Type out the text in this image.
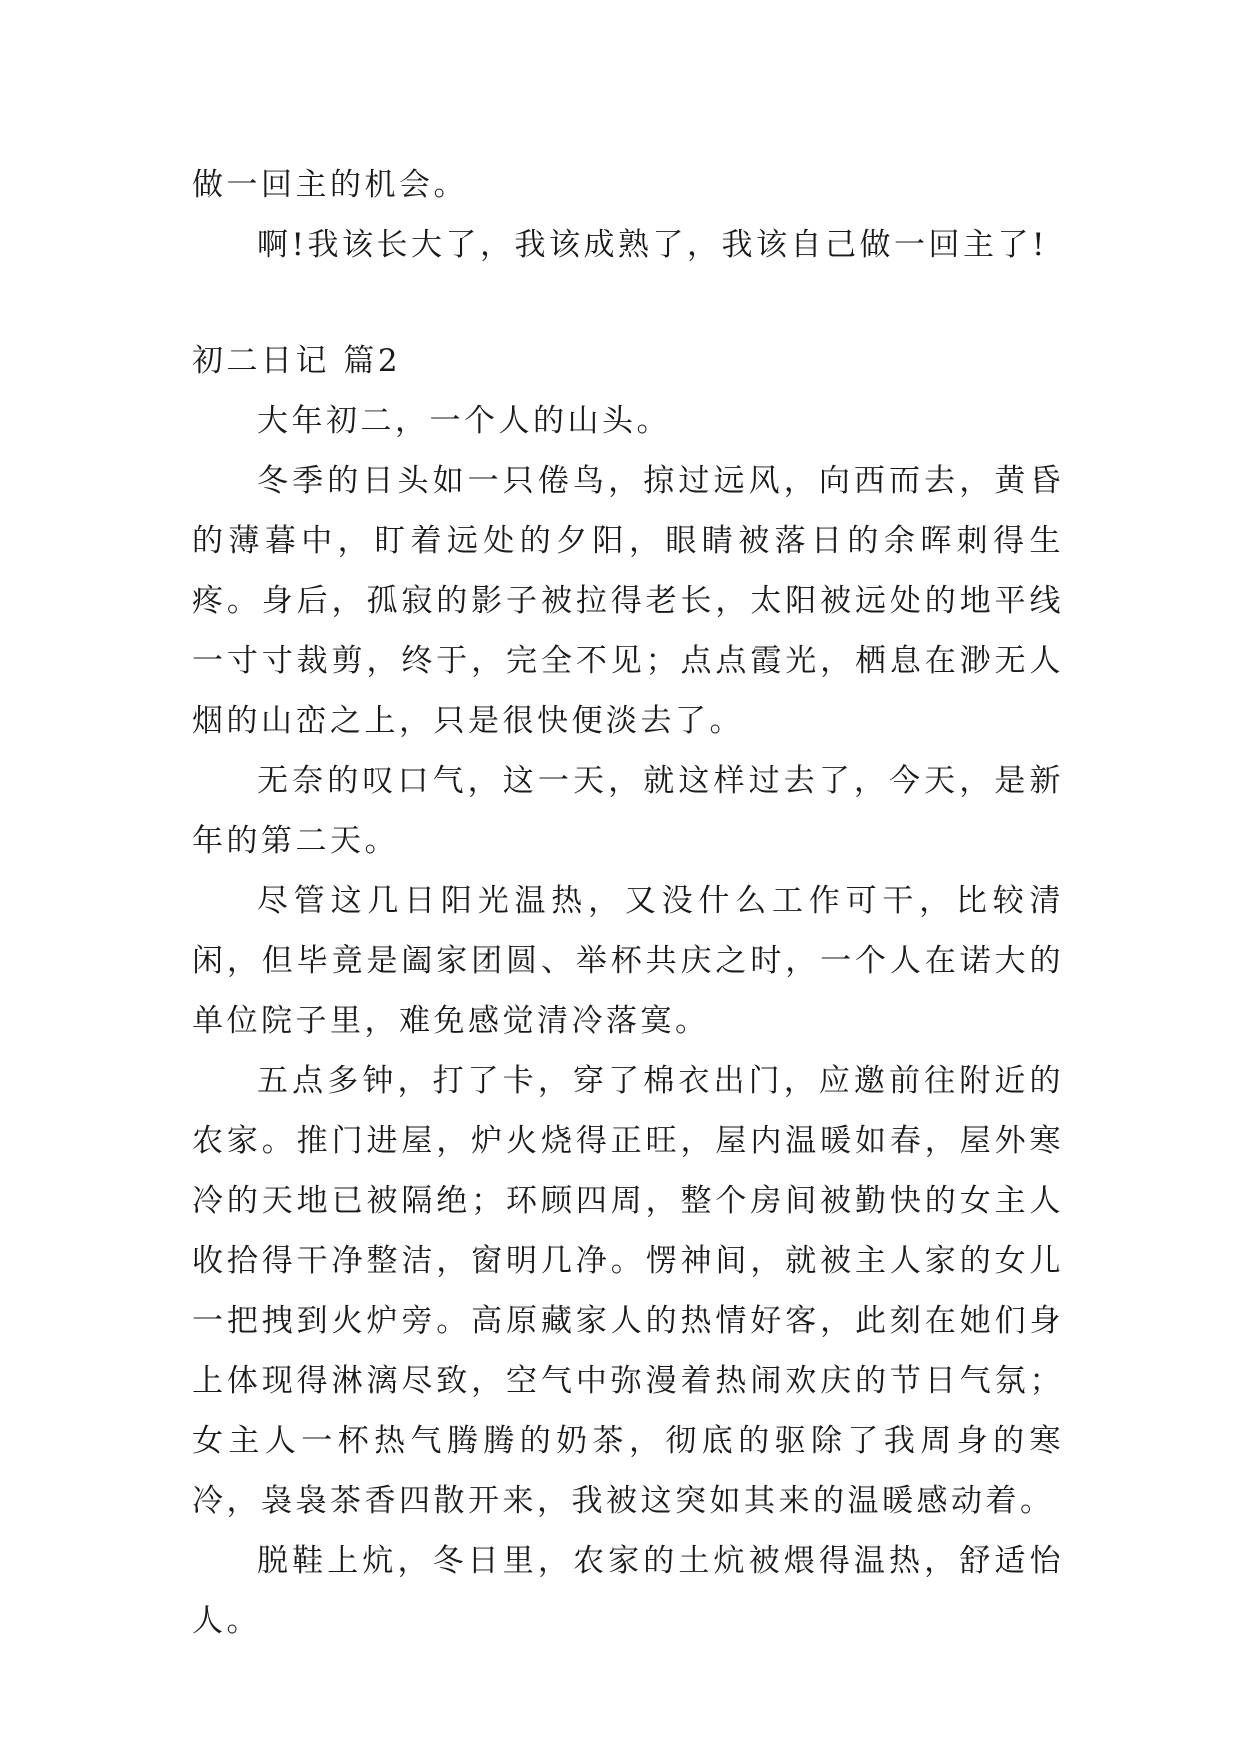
做一回主的机会。

啊!我该长大了，我该成熟了，我该自己做一回主了!

初二日记 篇2

大年初二，一个人的山头。

冬季的日头如一只倦鸟，掠过远风，向西而去，黄昏的薄暮中，盯着远处的夕阳，眼睛被落日的余晖刺得生疼。身后，孤寂的影子被拉得老长，太阳被远处的地平线一寸寸裁剪，终于，完全不见；点点霞光，栖息在渺无人烟的山峦之上，只是很快便淡去了。

无奈的叹口气，这一天，就这样过去了，今天，是新年的第二天。

尽管这几日阳光温热，又没什么工作可干，比较清闲，但毕竟是阖家团圆、举杯共庆之时，一个人在诺大的单位院子里，难免感觉清冷落寞。

五点多钟，打了卡，穿了棉衣出门，应邀前往附近的农家。推门进屋，炉火烧得正旺，屋内温暖如春，屋外寒冷的天地已被隔绝；环顾四周，整个房间被勤快的女主人收拾得干净整洁，窗明几净。愣神间，就被主人家的女儿一把拽到火炉旁。高原藏家人的热情好客，此刻在她们身上体现得淋漓尽致，空气中弥漫着热闹欢庆的节日气氛；女主人一杯热气腾腾的奶茶，彻底的驱除了我周身的寒冷，袅袅茶香四散开来，我被这突如其来的温暖感动着。

脱鞋上炕，冬日里，农家的土炕被煨得温热，舒适怡人。
